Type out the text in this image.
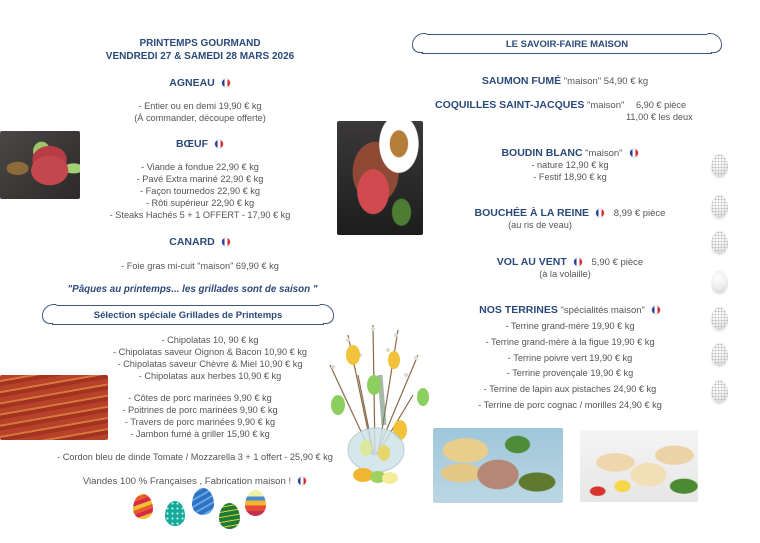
PRINTEMPS GOURMAND
VENDREDI 27 & SAMEDI 28 MARS 2026
AGNEAU
- Entier ou en demi 19,90 € kg
(À commander, découpe offerte)
BŒUF
- Viande à fondue 22,90 € kg
- Pavé Extra mariné 22,90 € kg
- Façon tournedos 22,90 € kg
- Rôti supérieur 22,90 € kg
- Steaks Hachés 5 + 1 OFFERT - 17,90 € kg
CANARD
- Foie gras mi-cuit "maison" 69,90 € kg
"Pâques au printemps... les grillades sont de saison "
Sélection spéciale Grillades de Printemps
- Chipolatas 10, 90 € kg
- Chipolatas saveur Oignon & Bacon 10,90 € kg
- Chipolatas saveur Chèvre & Miel 10,90 € kg
- Chipolatas aux herbes 10,90 € kg
- Côtes de porc marinées 9,90 € kg
- Poitrines de porc marinées 9,90 € kg
- Travers de porc marinées 9,90 € kg
- Jambon fumé à griller 15,90 € kg
- Cordon bleu de dinde Tomate / Mozzarella 3 + 1 offert - 25,90 € kg
Viandes 100 % Françaises , Fabrication maison !
LE SAVOIR-FAIRE MAISON
SAUMON FUMÉ "maison" 54,90 € kg
COQUILLES SAINT-JACQUES "maison" 6,90 € pièce
11,00 € les deux
BOUDIN BLANC "maison"
- nature 12,90 € kg
- Festif 18,90 € kg
BOUCHÉE À LA REINE	8,99 € pièce
(au ris de veau)
VOL AU VENT	5,90 € pièce
(à la volaille)
NOS TERRINES "spécialités maison"
- Terrine grand-mère 19,90 € kg
- Terrine grand-mère à la figue 19,90 € kg
- Terrine poivre vert 19,90 € kg
- Terrine provençale 19,90 € kg
- Terrine de lapin aux pistaches 24,90 € kg
- Terrine de porc cognac / morilles 24,90 € kg
